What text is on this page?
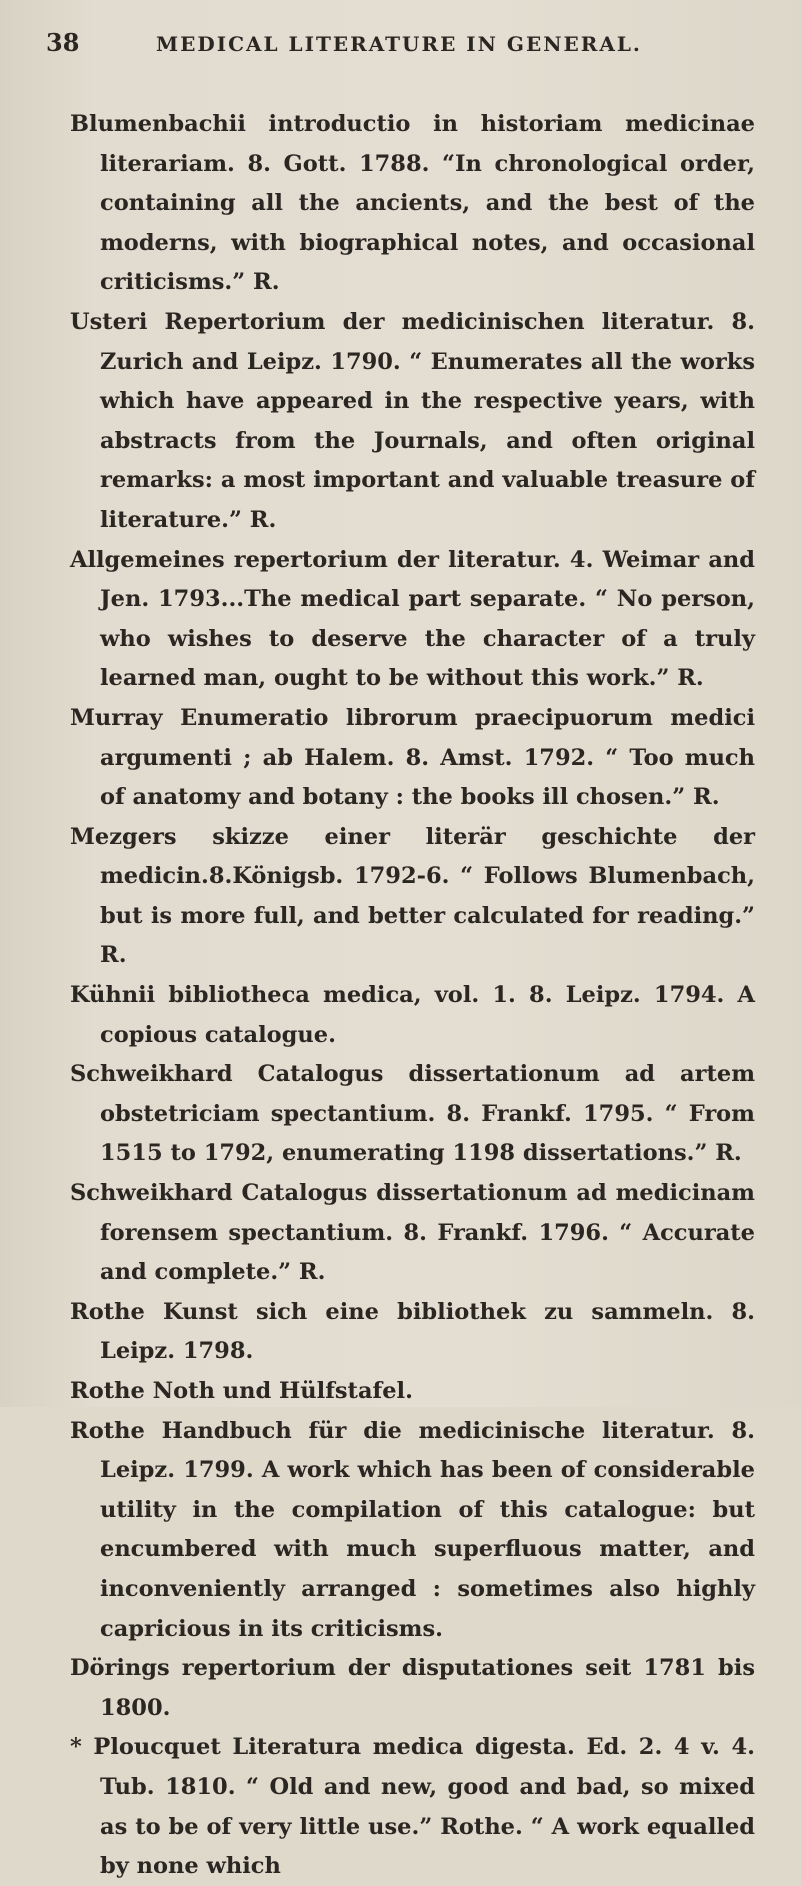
38	MEDICAL LITERATURE IN GENERAL.

Blumenbachii introductio in historiam medicinae literariam. 8. Gott. 1788. “In chronological order, containing all the ancients, and the best of the moderns, with biographical notes, and occasional criticisms.” R.

Usteri Repertorium der medicinischen literatur. 8. Zurich and Leipz. 1790. “ Enumerates all the works which have appeared in the respective years, with abstracts from the Journals, and often original remarks: a most important and valuable treasure of literature.” R.

Allgemeines repertorium der literatur. 4. Weimar and Jen. 1793...The medical part separate. “ No person, who wishes to deserve the character of a truly learned man, ought to be without this work.” R.

Murray Enumeratio librorum praecipuorum medici argumenti ; ab Halem. 8. Amst. 1792. “ Too much of anatomy and botany : the books ill chosen.” R.

Mezgers skizze einer literär geschichte der medicin.8.Königsb. 1792-6. “ Follows Blumenbach, but is more full, and better calculated for reading.” R.

Kühnii bibliotheca medica, vol. 1. 8. Leipz. 1794. A copious catalogue.

Schweikhard Catalogus dissertationum ad artem obstetriciam spectantium. 8. Frankf. 1795. “ From 1515 to 1792, enumerating 1198 dissertations.” R.

Schweikhard Catalogus dissertationum ad medicinam forensem spectantium. 8. Frankf. 1796. “ Accurate and complete.” R.

Rothe Kunst sich eine bibliothek zu sammeln. 8. Leipz. 1798.

Rothe Noth und Hülfstafel.

Rothe Handbuch für die medicinische literatur. 8. Leipz. 1799. A work which has been of considerable utility in the compilation of this catalogue: but encumbered with much superfluous matter, and inconveniently arranged : sometimes also highly capricious in its criticisms.

Dörings repertorium der disputationes seit 1781 bis 1800.

* Ploucquet Literatura medica digesta. Ed. 2. 4 v. 4. Tub. 1810. “ Old and new, good and bad, so mixed as to be of very little use.” Rothe. “ A work equalled by none which
